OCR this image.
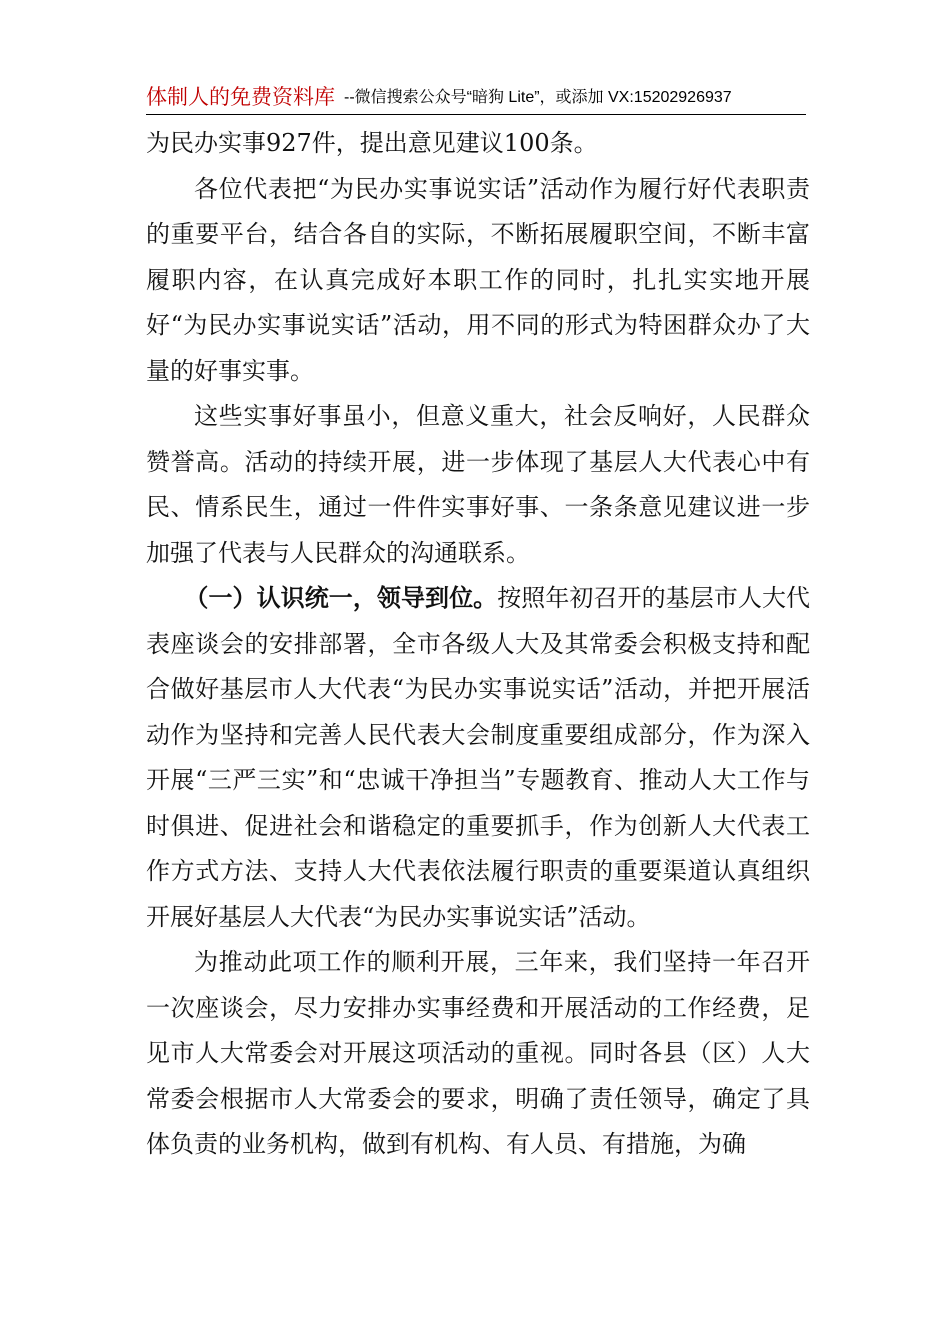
体制人的免费资料库 --微信搜索公众号“暗狗 Lite”，或添加 VX:15202926937

为民办实事927件，提出意见建议100条。

各位代表把“为民办实事说实话”活动作为履行好代表职责的重要平台，结合各自的实际，不断拓展履职空间，不断丰富履职内容，在认真完成好本职工作的同时，扎扎实实地开展好“为民办实事说实话”活动，用不同的形式为特困群众办了大量的好事实事。

这些实事好事虽小，但意义重大，社会反响好，人民群众赞誉高。活动的持续开展，进一步体现了基层人大代表心中有民、情系民生，通过一件件实事好事、一条条意见建议进一步加强了代表与人民群众的沟通联系。

（一）认识统一，领导到位。按照年初召开的基层市人大代表座谈会的安排部署，全市各级人大及其常委会积极支持和配合做好基层市人大代表“为民办实事说实话”活动，并把开展活动作为坚持和完善人民代表大会制度重要组成部分，作为深入开展“三严三实”和“忠诚干净担当”专题教育、推动人大工作与时俱进、促进社会和谐稳定的重要抓手，作为创新人大代表工作方式方法、支持人大代表依法履行职责的重要渠道认真组织开展好基层人大代表“为民办实事说实话”活动。

为推动此项工作的顺利开展，三年来，我们坚持一年召开一次座谈会，尽力安排办实事经费和开展活动的工作经费，足见市人大常委会对开展这项活动的重视。同时各县（区）人大常委会根据市人大常委会的要求，明确了责任领导，确定了具体负责的业务机构，做到有机构、有人员、有措施，为确
